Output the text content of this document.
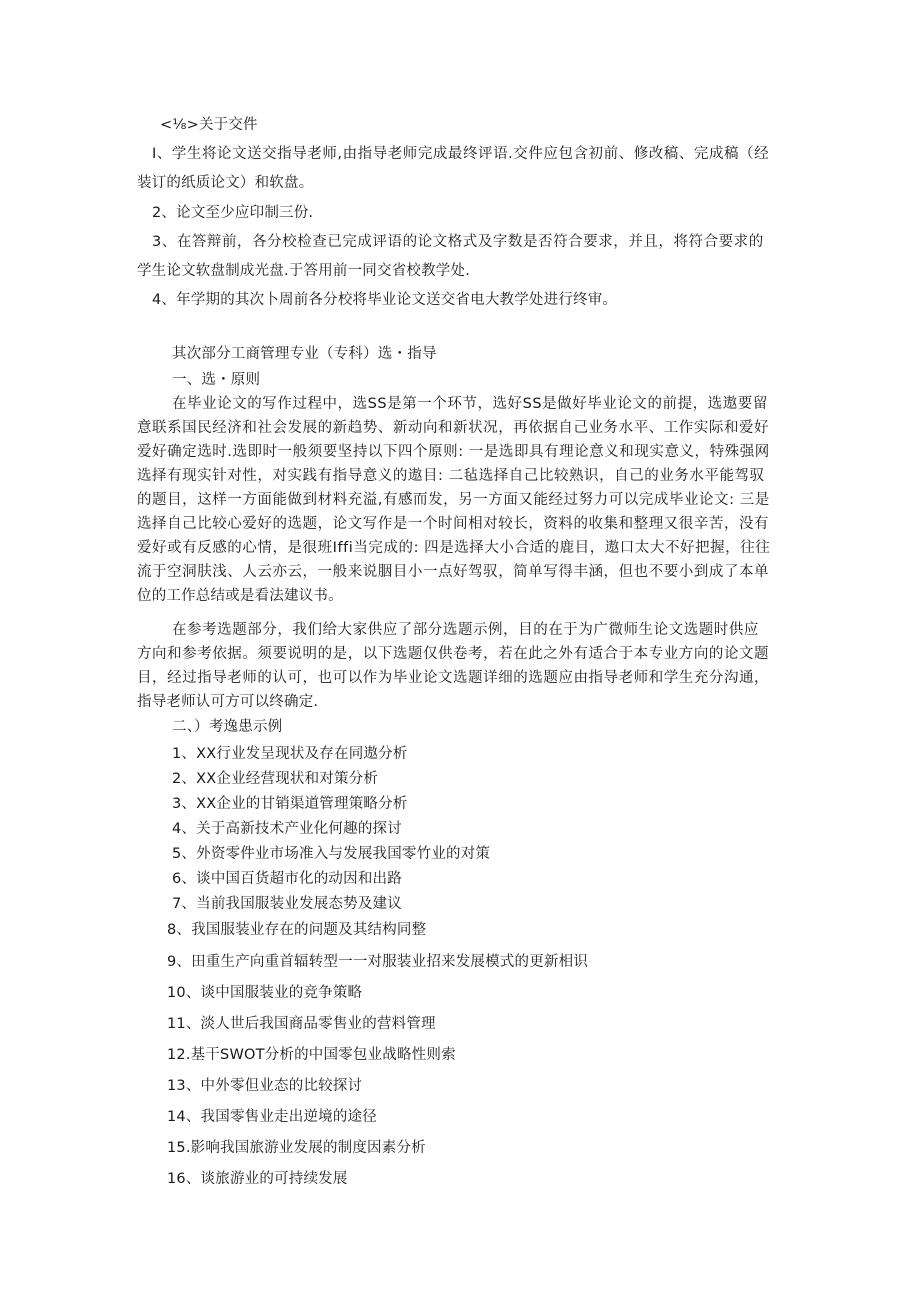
<⅛>关于交件
I、学生将论文送交指导老师,由指导老师完成最终评语.交件应包含初前、修改稿、完成稿（经
装订的纸质论文）和软盘。
2、论文至少应印制三份.
3、在答辩前，各分校检查已完成评语的论文格式及字数是否符合要求，并且，将符合要求的
学生论文软盘制成光盘.于答用前一同交省校教学处.
4、年学期的其次卜周前各分校将毕业论文送交省电大教学处进行终审。
其次部分工商管理专业（专科）选・指导
一、选・原则
在毕业论文的写作过程中，选SS是第一个环节，选好SS是做好毕业论文的前提，选遨要留
意联系国民经济和社会发展的新趋势、新动向和新状况，再依据自己业务水平、工作实际和爱好
爱好确定选时.选即时一般须要坚持以下四个原则: 一是选即具有理论意义和现实意义，特殊强网
选择有现实针对性，对实践有指导意义的遨目: 二毡选择自己比较熟识，自己的业务水平能驾驭
的题目，这样一方面能做到材料充溢,有感而发，另一方面又能经过努力可以完成毕业论文: 三是
选择自己比较心爱好的选题，论文写作是一个时间相对较长，资料的收集和整理又很辛苦，没有
爱好或有反感的心情，是很班Iffi当完成的: 四是选择大小合适的鹿目，遨口太大不好把握，往往
流于空洞肤浅、人云亦云，一般来说胭目小一点好驾驭，简单写得丰涵，但也不要小到成了本单
位的工作总结或是看法建议书。
在参考选题部分，我们给大家供应了部分选题示例，目的在于为广微师生论文选题时供应
方向和参考依据。须要说明的是，以下选题仅供卷考，若在此之外有适合于本专业方向的论文题
目，经过指导老师的认可，也可以作为毕业论文选题详细的选题应由指导老师和学生充分沟通，
指导老师认可方可以终确定.
二、）考逸患示例
1、XX行业发呈现状及存在同遨分析
2、XX企业经营现状和对策分析
3、XX企业的甘销渠道管理策略分析
4、关于高新技术产业化何趣的探讨
5、外资零件业市场准入与发展我国零竹业的对策
6、谈中国百货超市化的动因和出路
7、当前我国服装业发展态势及建议
8、我国服装业存在的问题及其结构同整
9、田重生产向重首辐转型一一对服装业招来发展模式的更新相识
10、谈中国服装业的竞争策略
11、淡人世后我国商品零售业的营料管理
12.基干SWOT分析的中国零包业战略性则索
13、中外零但业态的比较探讨
14、我国零售业走出逆境的途径
15.影响我国旅游业发展的制度因素分析
16、谈旅游业的可持续发展
